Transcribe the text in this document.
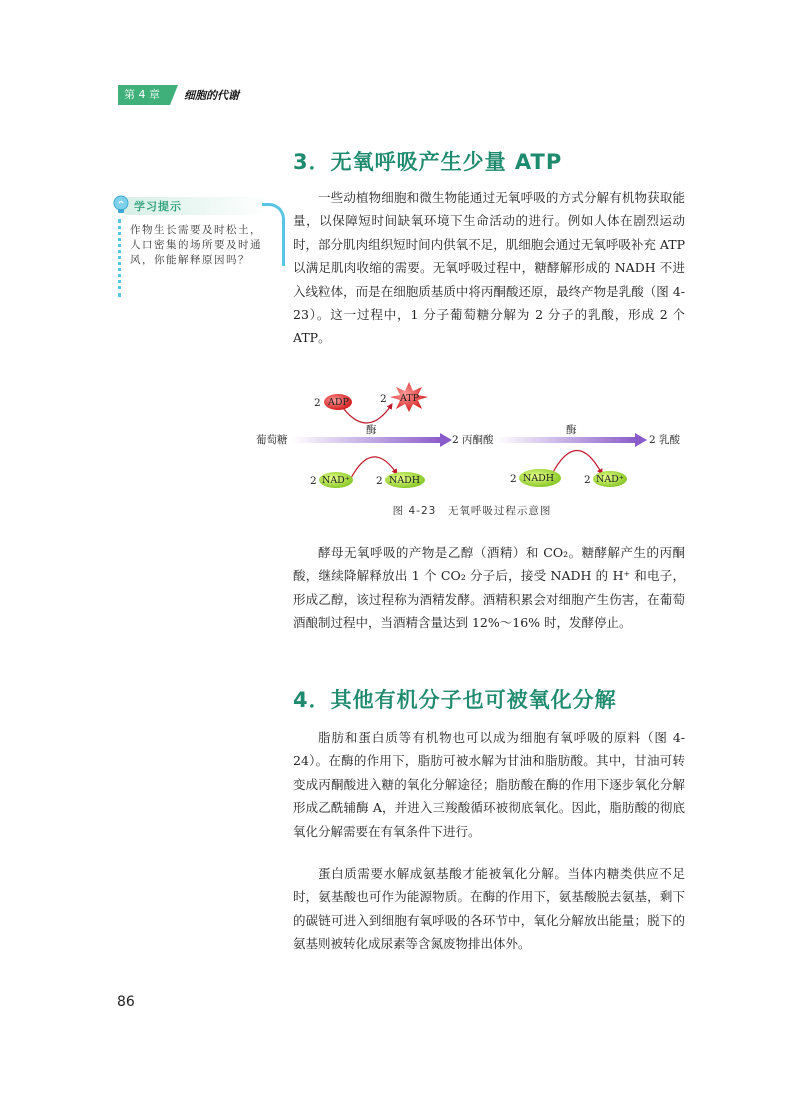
第 4 章	细胞的代谢
3．无氧呼吸产生少量 ATP
学习提示

作物生长需要及时松土，人口密集的场所要及时通风，你能解释原因吗？

一些动植物细胞和微生物能通过无氧呼吸的方式分解有机物获取能量，以保障短时间缺氧环境下生命活动的进行。例如人体在剧烈运动时，部分肌肉组织短时间内供氧不足，肌细胞会通过无氧呼吸补充 ATP 以满足肌肉收缩的需要。无氧呼吸过程中，糖酵解形成的 NADH 不进入线粒体，而是在细胞质基质中将丙酮酸还原，最终产物是乳酸（图 4-23）。这一过程中，1 分子葡萄糖分解为 2 分子的乳酸，形成 2 个 ATP。

2 ADP	2 ATP
葡萄糖
酶
2 丙酮酸
酶
2 乳酸
2 NAD⁺ 2 NADH	2 NADH	2 NAD⁺

图 4-23　无氧呼吸过程示意图

酵母无氧呼吸的产物是乙醇（酒精）和 CO₂。糖酵解产生的丙酮酸，继续降解释放出 1 个 CO₂ 分子后，接受 NADH 的 H⁺ 和电子，形成乙醇，该过程称为酒精发酵。酒精积累会对细胞产生伤害，在葡萄酒酿制过程中，当酒精含量达到 12%～16% 时，发酵停止。

4．其他有机分子也可被氧化分解

脂肪和蛋白质等有机物也可以成为细胞有氧呼吸的原料（图 4-24）。在酶的作用下，脂肪可被水解为甘油和脂肪酸。其中，甘油可转变成丙酮酸进入糖的氧化分解途径；脂肪酸在酶的作用下逐步氧化分解形成乙酰辅酶 A，并进入三羧酸循环被彻底氧化。因此，脂肪酸的彻底氧化分解需要在有氧条件下进行。

蛋白质需要水解成氨基酸才能被氧化分解。当体内糖类供应不足时，氨基酸也可作为能源物质。在酶的作用下，氨基酸脱去氨基，剩下的碳链可进入到细胞有氧呼吸的各环节中，氧化分解放出能量；脱下的氨基则被转化成尿素等含氮废物排出体外。

86
